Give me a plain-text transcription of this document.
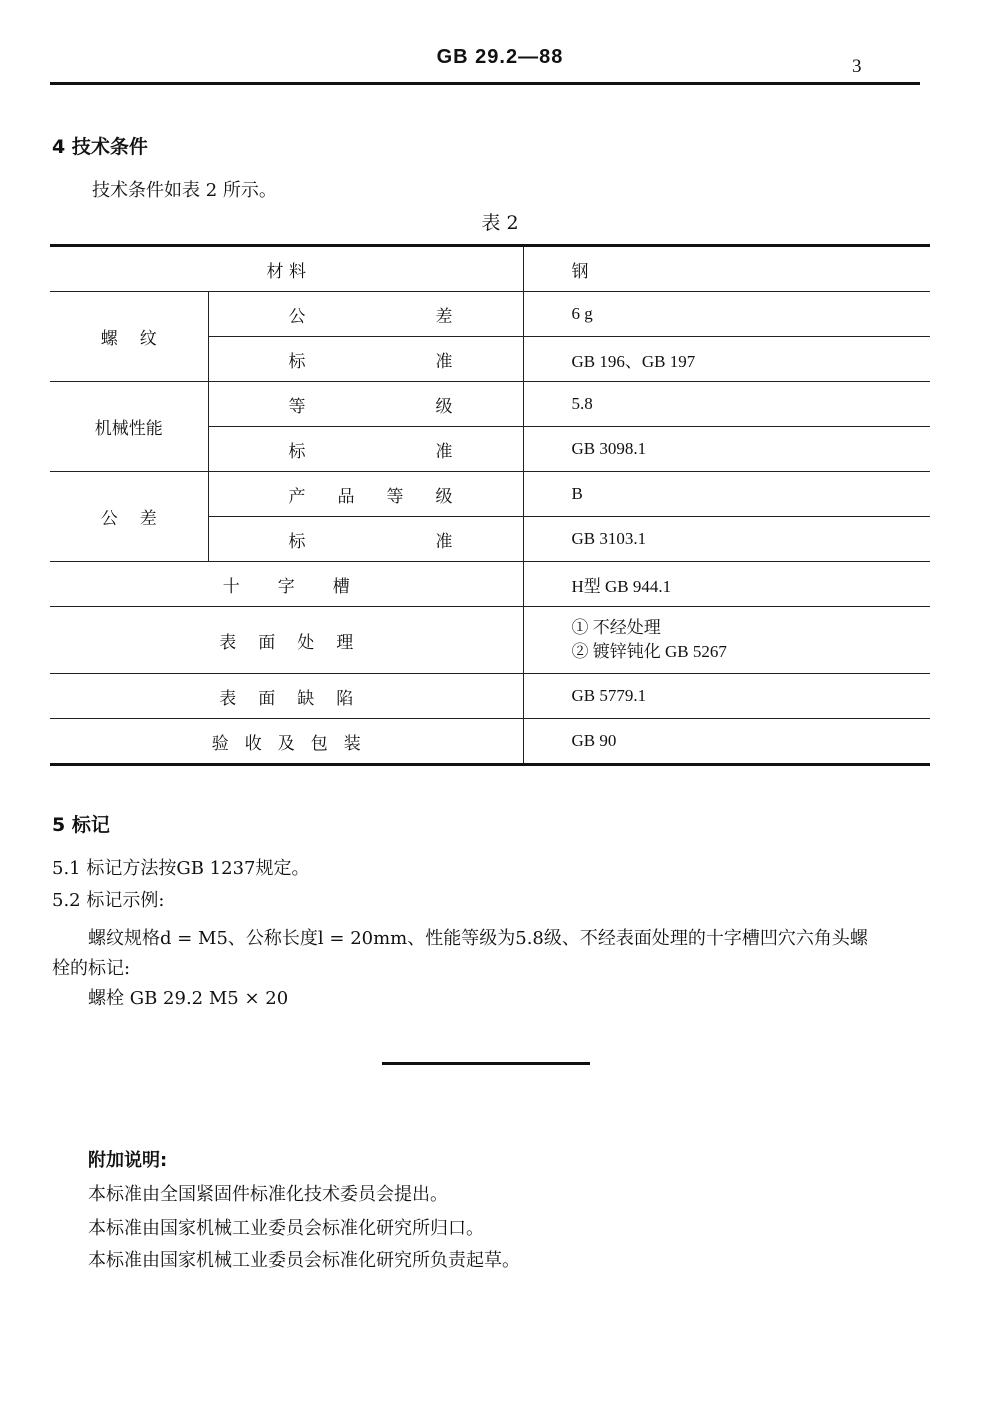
GB 29.2—88	3
4 技术条件
技术条件如表 2 所示。
表 2
材 料		钢
螺纹	公差	6 g
	标准	GB 196、GB 197
机械性能	等级	5.8
	标准	GB 3098.1
公差	产品等级	B
	标准	GB 3103.1
十字槽		H型 GB 944.1
表面处理		① 不经处理
② 镀锌钝化 GB 5267

表面缺陷		GB 5779.1
验收及包装		GB 90
5 标记
5.1 标记方法按GB 1237规定。
5.2 标记示例:
螺纹规格d = M5、公称长度l = 20mm、性能等级为5.8级、不经表面处理的十字槽凹穴六角头螺
栓的标记:
螺栓 GB 29.2 M5 × 20
附加说明:
本标准由全国紧固件标准化技术委员会提出。
本标准由国家机械工业委员会标准化研究所归口。
本标准由国家机械工业委员会标准化研究所负责起草。
